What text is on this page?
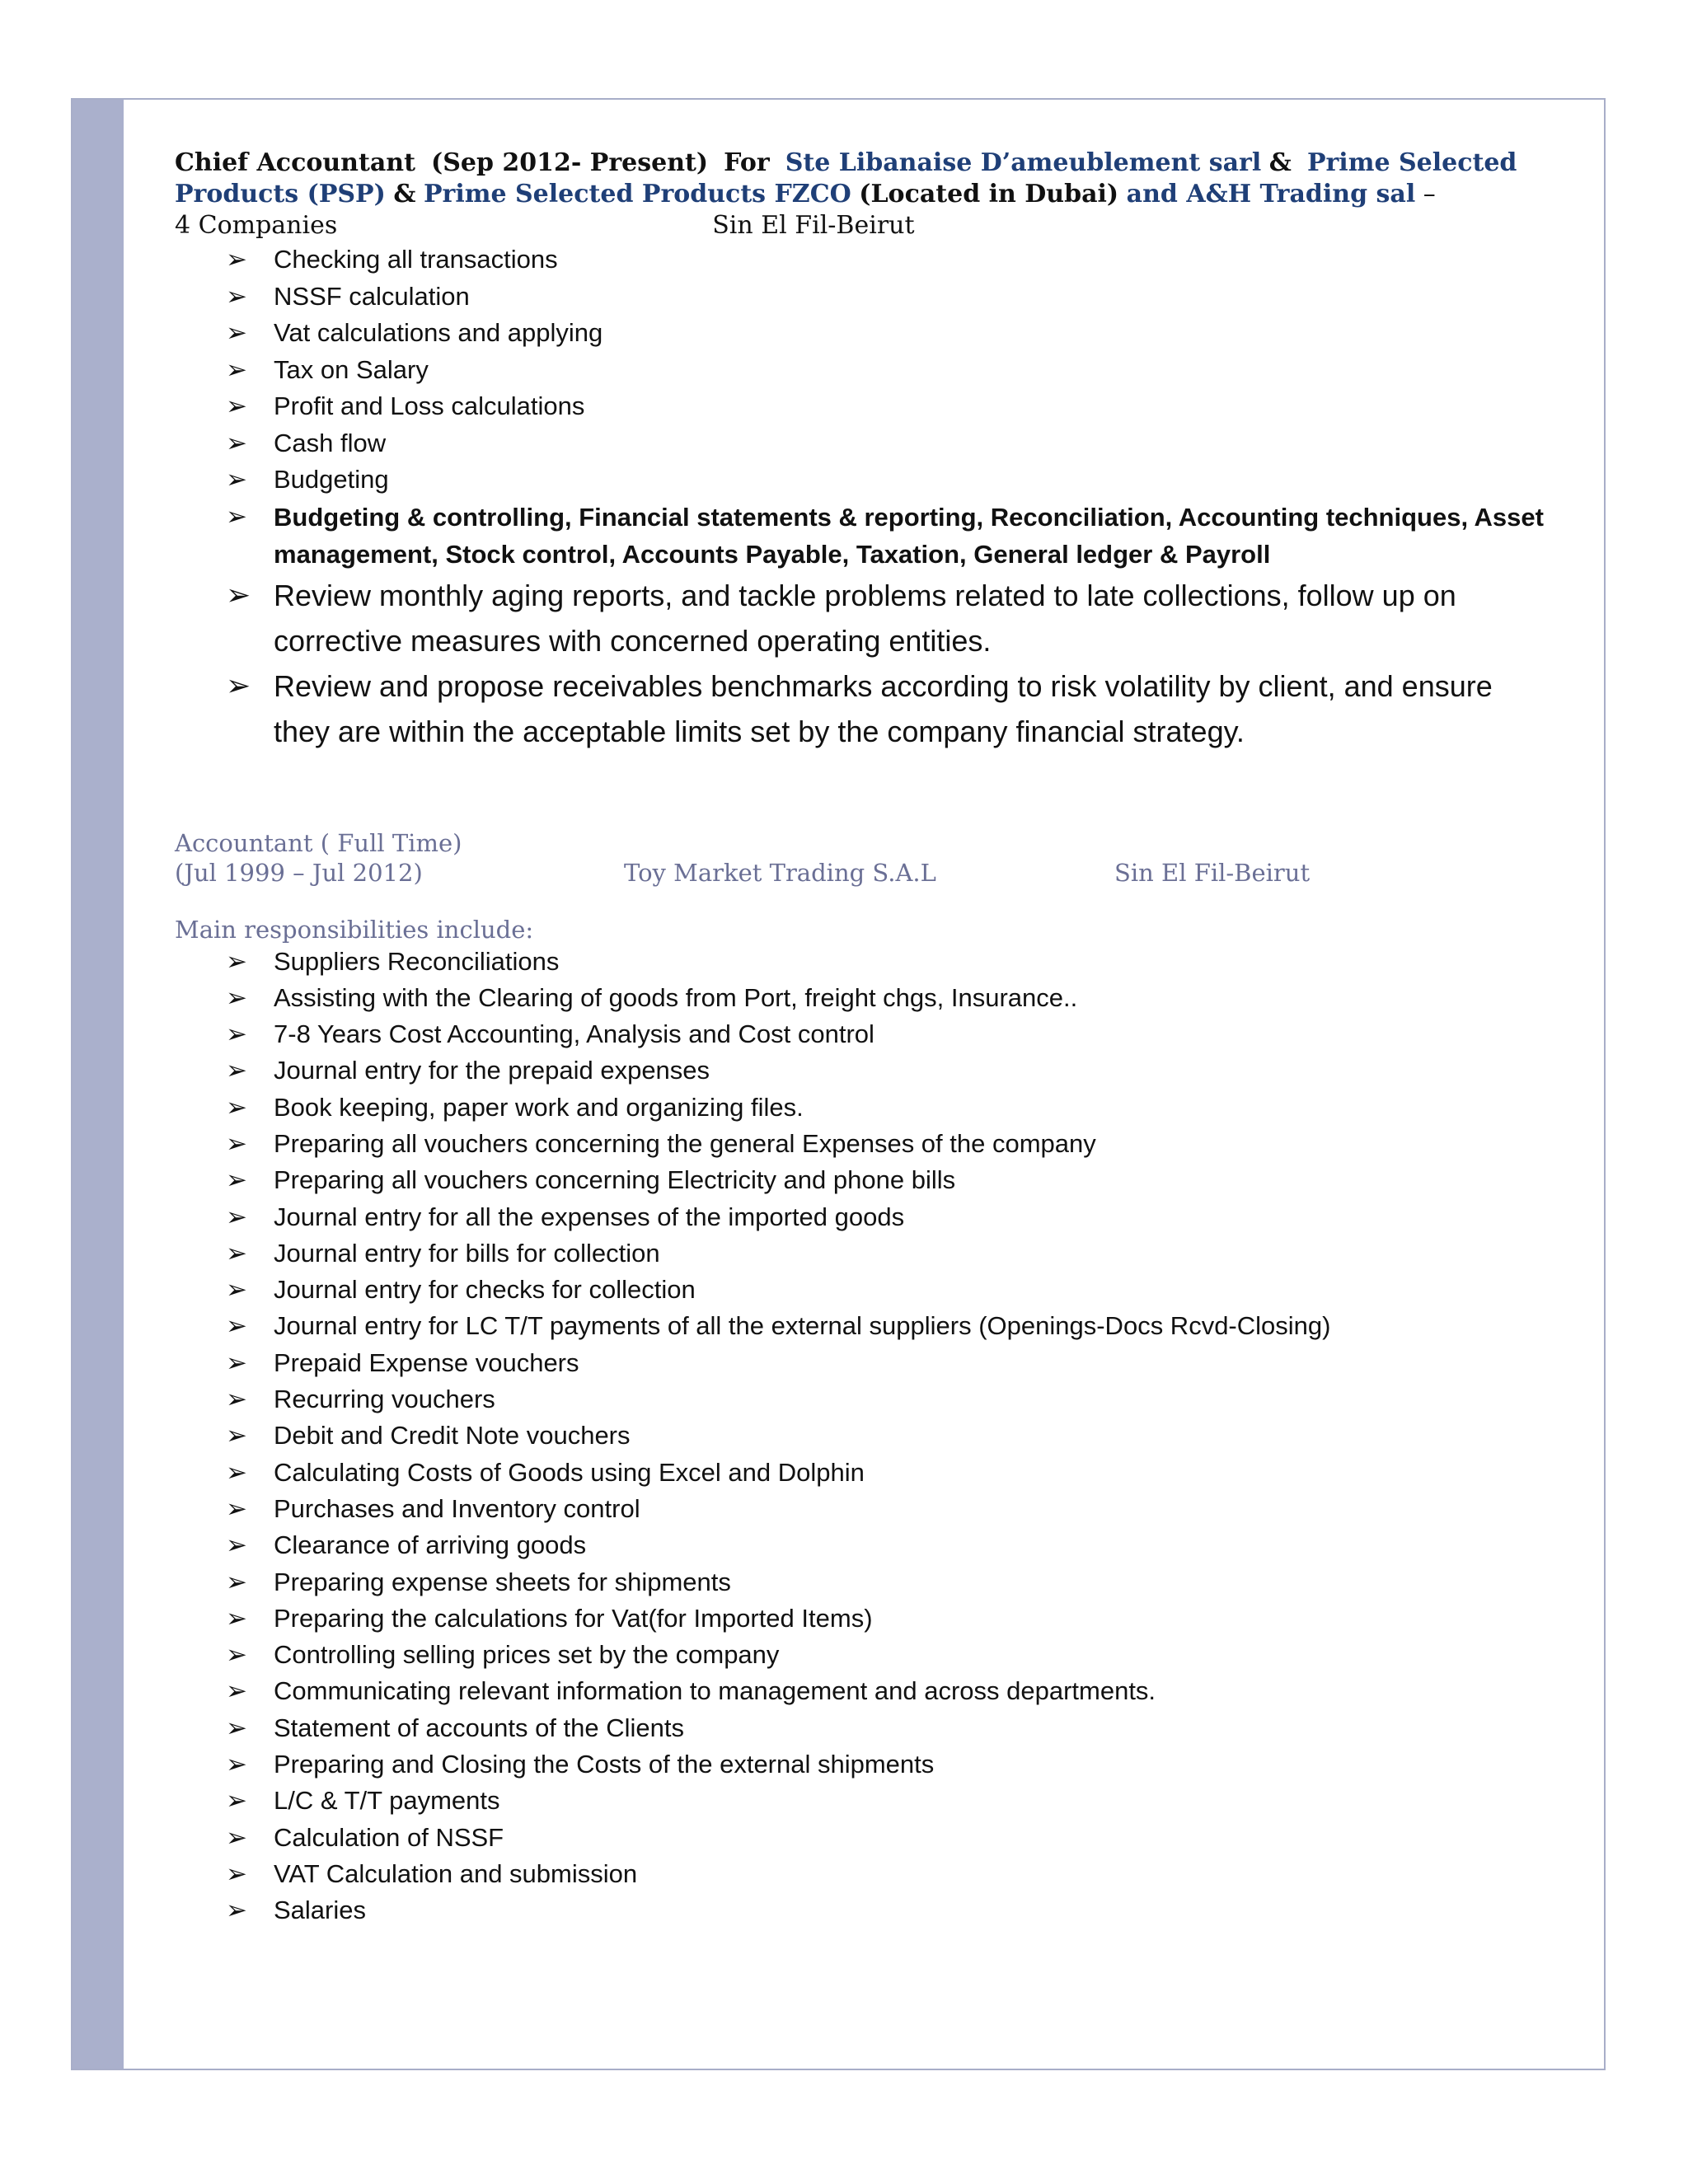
Chief Accountant (Sep 2012- Present) For Ste Libanaise D’ameublement sarl & Prime Selected
Products (PSP) & Prime Selected Products FZCO (Located in Dubai) and A&H Trading sal –
4 Companies	Sin El Fil-Beirut
➢ Checking all transactions
➢ NSSF calculation
➢ Vat calculations and applying
➢ Tax on Salary
➢ Profit and Loss calculations
➢ Cash flow
➢ Budgeting
➢ Budgeting & controlling, Financial statements & reporting, Reconciliation, Accounting techniques, Asset management, Stock control, Accounts Payable, Taxation, General ledger & Payroll
➢ Review monthly aging reports, and tackle problems related to late collections, follow up on corrective measures with concerned operating entities.
➢ Review and propose receivables benchmarks according to risk volatility by client, and ensure they are within the acceptable limits set by the company financial strategy.
Accountant ( Full Time)
(Jul 1999 – Jul 2012)	Toy Market Trading S.A.L	Sin El Fil-Beirut
Main responsibilities include:
➢ Suppliers Reconciliations
➢ Assisting with the Clearing of goods from Port, freight chgs, Insurance..
➢ 7-8 Years Cost Accounting, Analysis and Cost control
➢ Journal entry for the prepaid expenses
➢ Book keeping, paper work and organizing files.
➢ Preparing all vouchers concerning the general Expenses of the company
➢ Preparing all vouchers concerning Electricity and phone bills
➢ Journal entry for all the expenses of the imported goods
➢ Journal entry for bills for collection
➢ Journal entry for checks for collection
➢ Journal entry for LC T/T payments of all the external suppliers (Openings-Docs Rcvd-Closing)
➢ Prepaid Expense vouchers
➢ Recurring vouchers
➢ Debit and Credit Note vouchers
➢ Calculating Costs of Goods using Excel and Dolphin
➢ Purchases and Inventory control
➢ Clearance of arriving goods
➢ Preparing expense sheets for shipments
➢ Preparing the calculations for Vat(for Imported Items)
➢ Controlling selling prices set by the company
➢ Communicating relevant information to management and across departments.
➢ Statement of accounts of the Clients
➢ Preparing and Closing the Costs of the external shipments
➢ L/C & T/T payments
➢ Calculation of NSSF
➢ VAT Calculation and submission
➢ Salaries
